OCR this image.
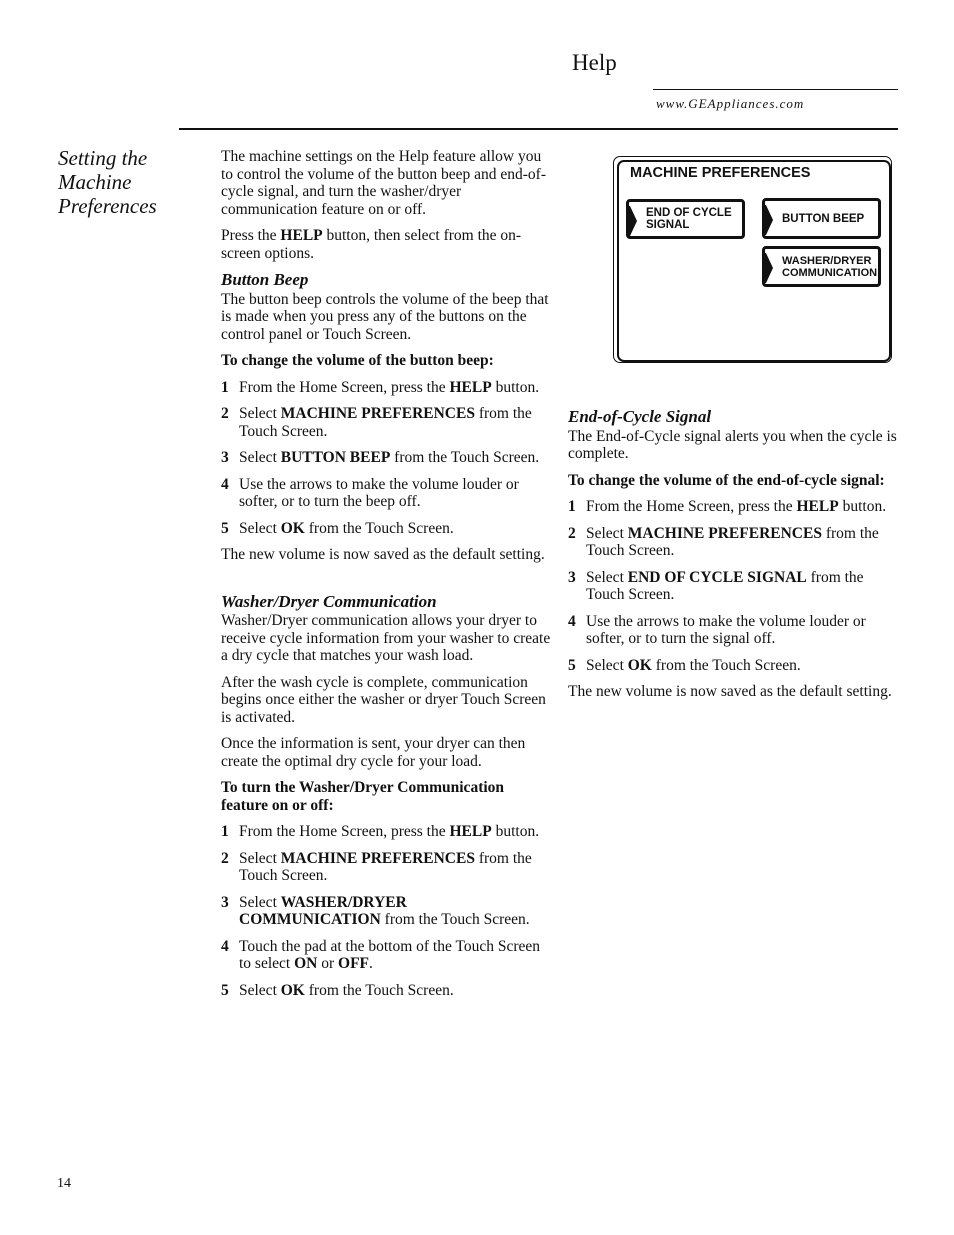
Help
www.GEAppliances.com
Setting the Machine Preferences

The machine settings on the Help feature allow you to control the volume of the button beep and end-of-cycle signal, and turn the washer/dryer communication feature on or off.

Press the HELP button, then select from the on-screen options.

Button Beep

The button beep controls the volume of the beep that is made when you press any of the buttons on the control panel or Touch Screen.

To change the volume of the button beep:
1 From the Home Screen, press the HELP button.
2 Select MACHINE PREFERENCES from the Touch Screen.
3 Select BUTTON BEEP from the Touch Screen.
4 Use the arrows to make the volume louder or softer, or to turn the beep off.
5 Select OK from the Touch Screen.

The new volume is now saved as the default setting.

Washer/Dryer Communication

Washer/Dryer communication allows your dryer to receive cycle information from your washer to create a dry cycle that matches your wash load.

After the wash cycle is complete, communication begins once either the washer or dryer Touch Screen is activated.

Once the information is sent, your dryer can then create the optimal dry cycle for your load.

To turn the Washer/Dryer Communication feature on or off:
1 From the Home Screen, press the HELP button.
2 Select MACHINE PREFERENCES from the Touch Screen.
3 Select WASHER/DRYER COMMUNICATION from the Touch Screen.
4 Touch the pad at the bottom of the Touch Screen to select ON or OFF.
5 Select OK from the Touch Screen.
MACHINE PREFERENCES
END OF CYCLE SIGNAL
BUTTON BEEP
WASHER/DRYER COMMUNICATION
End-of-Cycle Signal

The End-of-Cycle signal alerts you when the cycle is complete.

To change the volume of the end-of-cycle signal:
1 From the Home Screen, press the HELP button.
2 Select MACHINE PREFERENCES from the Touch Screen.
3 Select END OF CYCLE SIGNAL from the Touch Screen.
4 Use the arrows to make the volume louder or softer, or to turn the signal off.
5 Select OK from the Touch Screen.

The new volume is now saved as the default setting.

14
